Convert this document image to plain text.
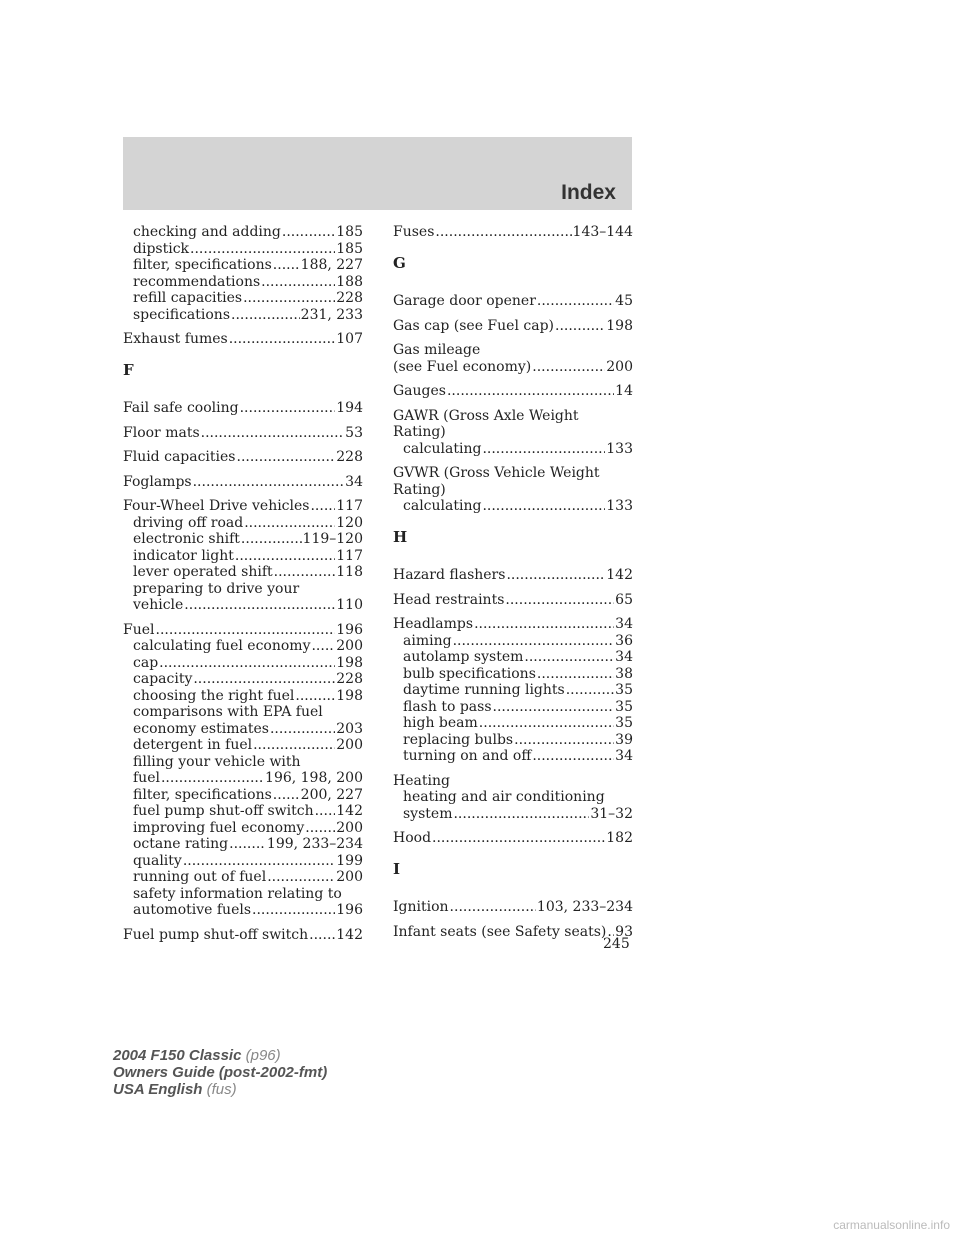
Index
checking and adding .....	185
dipstick .....	185
filter, specifications ..... 188, 227
recommendations .....	188
refill capacities .....	228
specifications .....	231, 233
Exhaust fumes .....	107
F
Fail safe cooling .....	194
Floor mats .....	53
Fluid capacities .....	228
Foglamps .....	34
Four-Wheel Drive vehicles ..... 117
driving off road .....	120
electronic shift .....	119–120
indicator light .....	117
lever operated shift .....	118
preparing to drive your
vehicle .....	110
Fuel .....	196
calculating fuel economy ..... 200
cap .....	198
capacity .....	228
choosing the right fuel .....	198
comparisons with EPA fuel
economy estimates .....	203
detergent in fuel .....	200
filling your vehicle with
fuel .....	196, 198, 200
filter, specifications ..... 200, 227
fuel pump shut-off switch ..... 142
improving fuel economy ..... 200
octane rating .....	199, 233–234
quality .....	199
running out of fuel .....	200
safety information relating to
automotive fuels .....	196
Fuel pump shut-off switch ..... 142
Fuses .....	143–144
G
Garage door opener .....	45
Gas cap (see Fuel cap) .....	198
Gas mileage
(see Fuel economy) .....	200
Gauges .....	14
GAWR (Gross Axle Weight
Rating)
calculating .....	133
GVWR (Gross Vehicle Weight
Rating)
calculating .....	133
H
Hazard flashers .....	142
Head restraints .....	65
Headlamps .....	34
aiming .....	36
autolamp system .....	34
bulb specifications .....	38
daytime running lights .....	35
flash to pass .....	35
high beam .....	35
replacing bulbs .....	39
turning on and off .....	34
Heating
heating and air conditioning
system .....	31–32
Hood .....	182
I
Ignition .....	103, 233–234
Infant seats (see Safety seats) ..... 93
245
2004 F150 Classic (p96)
Owners Guide (post-2002-fmt)
USA English (fus)
carmanualsonline.info
